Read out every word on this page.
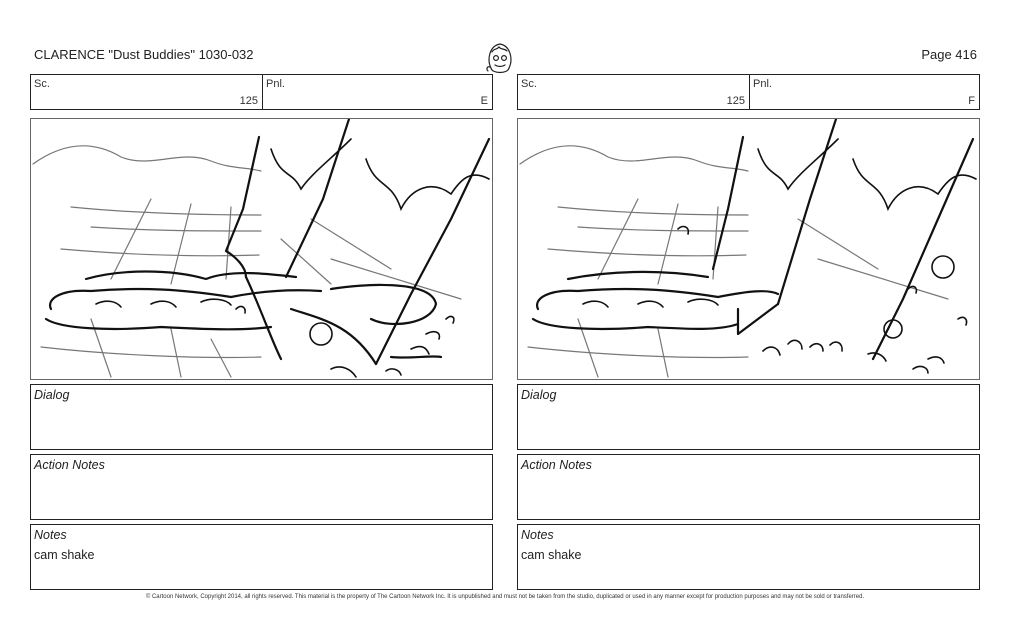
CLARENCE "Dust Buddies" 1030-032	Page 416
Sc.
125
Pnl.
E
Dialog
Action Notes
Notes
cam shake
Sc.
125
Pnl.
F
Dialog
Action Notes
Notes
cam shake
© Cartoon Network, Copyright 2014, all rights reserved. This material is the property of The Cartoon Network Inc. It is unpublished and must not be taken from the studio, duplicated or used in any manner except for production purposes and may not be sold or transferred.
